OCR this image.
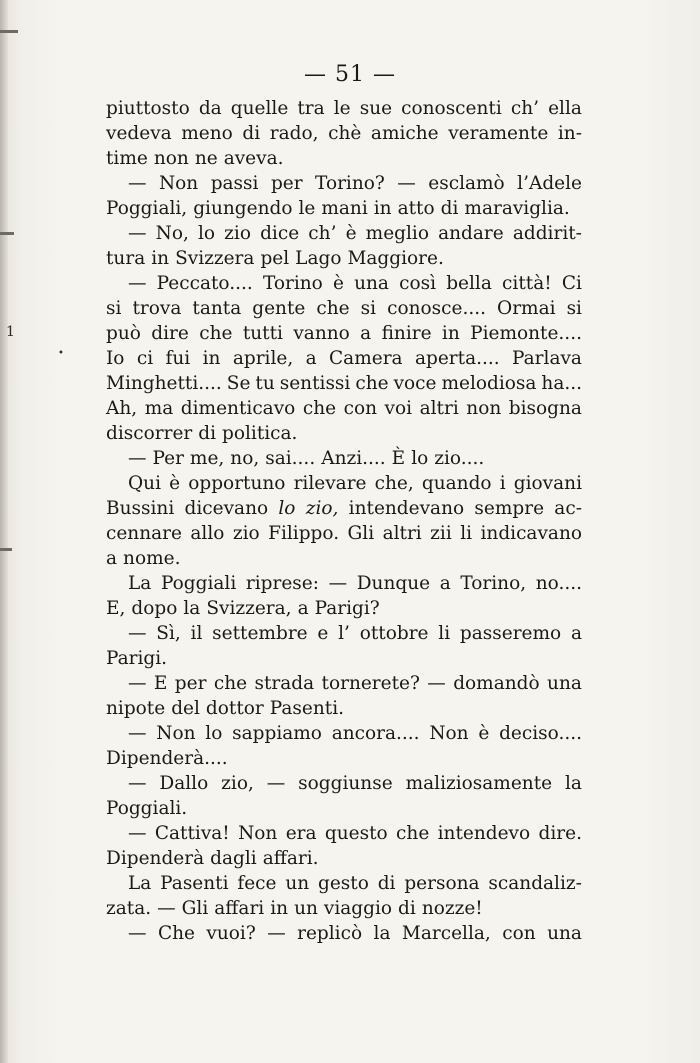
1
•
— 51 —
piuttosto da quelle tra le sue conoscenti ch’ ella
vedeva meno di rado, chè amiche veramente in-
time non ne aveva.
— Non passi per Torino? — esclamò l’Adele
Poggiali, giungendo le mani in atto di maraviglia.
— No, lo zio dice ch’ è meglio andare addirit-
tura in Svizzera pel Lago Maggiore.
— Peccato.... Torino è una così bella città! Ci
si trova tanta gente che si conosce.... Ormai si
può dire che tutti vanno a finire in Piemonte....
Io ci fui in aprile, a Camera aperta.... Parlava
Minghetti.... Se tu sentissi che voce melodiosa ha...
Ah, ma dimenticavo che con voi altri non bisogna
discorrer di politica.
— Per me, no, sai.... Anzi.... È lo zio....
Qui è opportuno rilevare che, quando i giovani
Bussini dicevano lo zio, intendevano sempre ac-
cennare allo zio Filippo. Gli altri zii li indicavano
a nome.
La Poggiali riprese: — Dunque a Torino, no....
E, dopo la Svizzera, a Parigi?
— Sì, il settembre e l’ ottobre li passeremo a
Parigi.
— E per che strada tornerete? — domandò una
nipote del dottor Pasenti.
— Non lo sappiamo ancora.... Non è deciso....
Dipenderà....
— Dallo zio, — soggiunse maliziosamente la
Poggiali.
— Cattiva! Non era questo che intendevo dire.
Dipenderà dagli affari.
La Pasenti fece un gesto di persona scandaliz-
zata. — Gli affari in un viaggio di nozze!
— Che vuoi? — replicò la Marcella, con una
